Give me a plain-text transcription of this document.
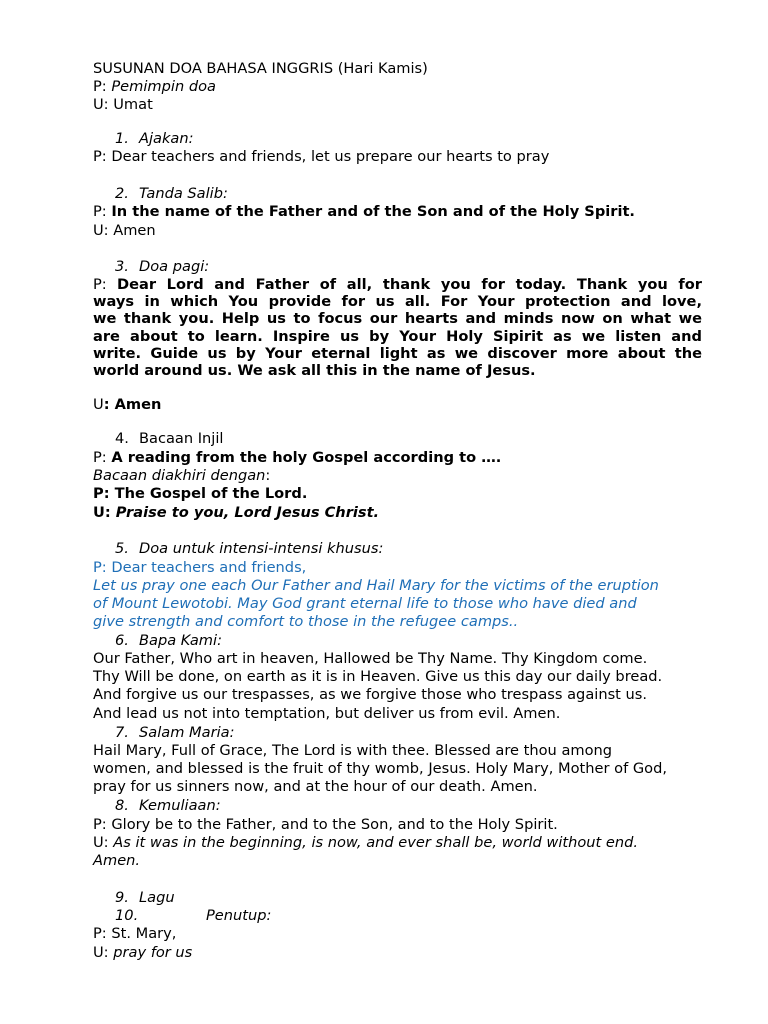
SUSUNAN DOA BAHASA INGGRIS (Hari Kamis)
P: Pemimpin doa
U: Umat
1. Ajakan:
P: Dear teachers and friends, let us prepare our hearts to pray
2. Tanda Salib:
P: In the name of the Father and of the Son and of the Holy Spirit.
U: Amen
3. Doa pagi:
P: Dear Lord and Father of all, thank you for today. Thank you for
ways in which You provide for us all. For Your protection and love,
we thank you. Help us to focus our hearts and minds now on what we
are about to learn. Inspire us by Your Holy Sipirit as we listen and
write. Guide us by Your eternal light as we discover more about the
world around us. We ask all this in the name of Jesus.
U: Amen
4. Bacaan Injil
P: A reading from the holy Gospel according to ….
Bacaan diakhiri dengan:
P: The Gospel of the Lord.
U: Praise to you, Lord Jesus Christ.
5. Doa untuk intensi-intensi khusus:
P: Dear teachers and friends,
Let us pray one each Our Father and Hail Mary for the victims of the eruption
of Mount Lewotobi. May God grant eternal life to those who have died and
give strength and comfort to those in the refugee camps..
6. Bapa Kami:
Our Father, Who art in heaven, Hallowed be Thy Name. Thy Kingdom come.
Thy Will be done, on earth as it is in Heaven. Give us this day our daily bread.
And forgive us our trespasses, as we forgive those who trespass against us.
And lead us not into temptation, but deliver us from evil. Amen.
7. Salam Maria:
Hail Mary, Full of Grace, The Lord is with thee. Blessed are thou among
women, and blessed is the fruit of thy womb, Jesus. Holy Mary, Mother of God,
pray for us sinners now, and at the hour of our death. Amen.
8. Kemuliaan:
P: Glory be to the Father, and to the Son, and to the Holy Spirit.
U: As it was in the beginning, is now, and ever shall be, world without end.
Amen.
9. Lagu
10.	Penutup:
P: St. Mary,
U: pray for us
